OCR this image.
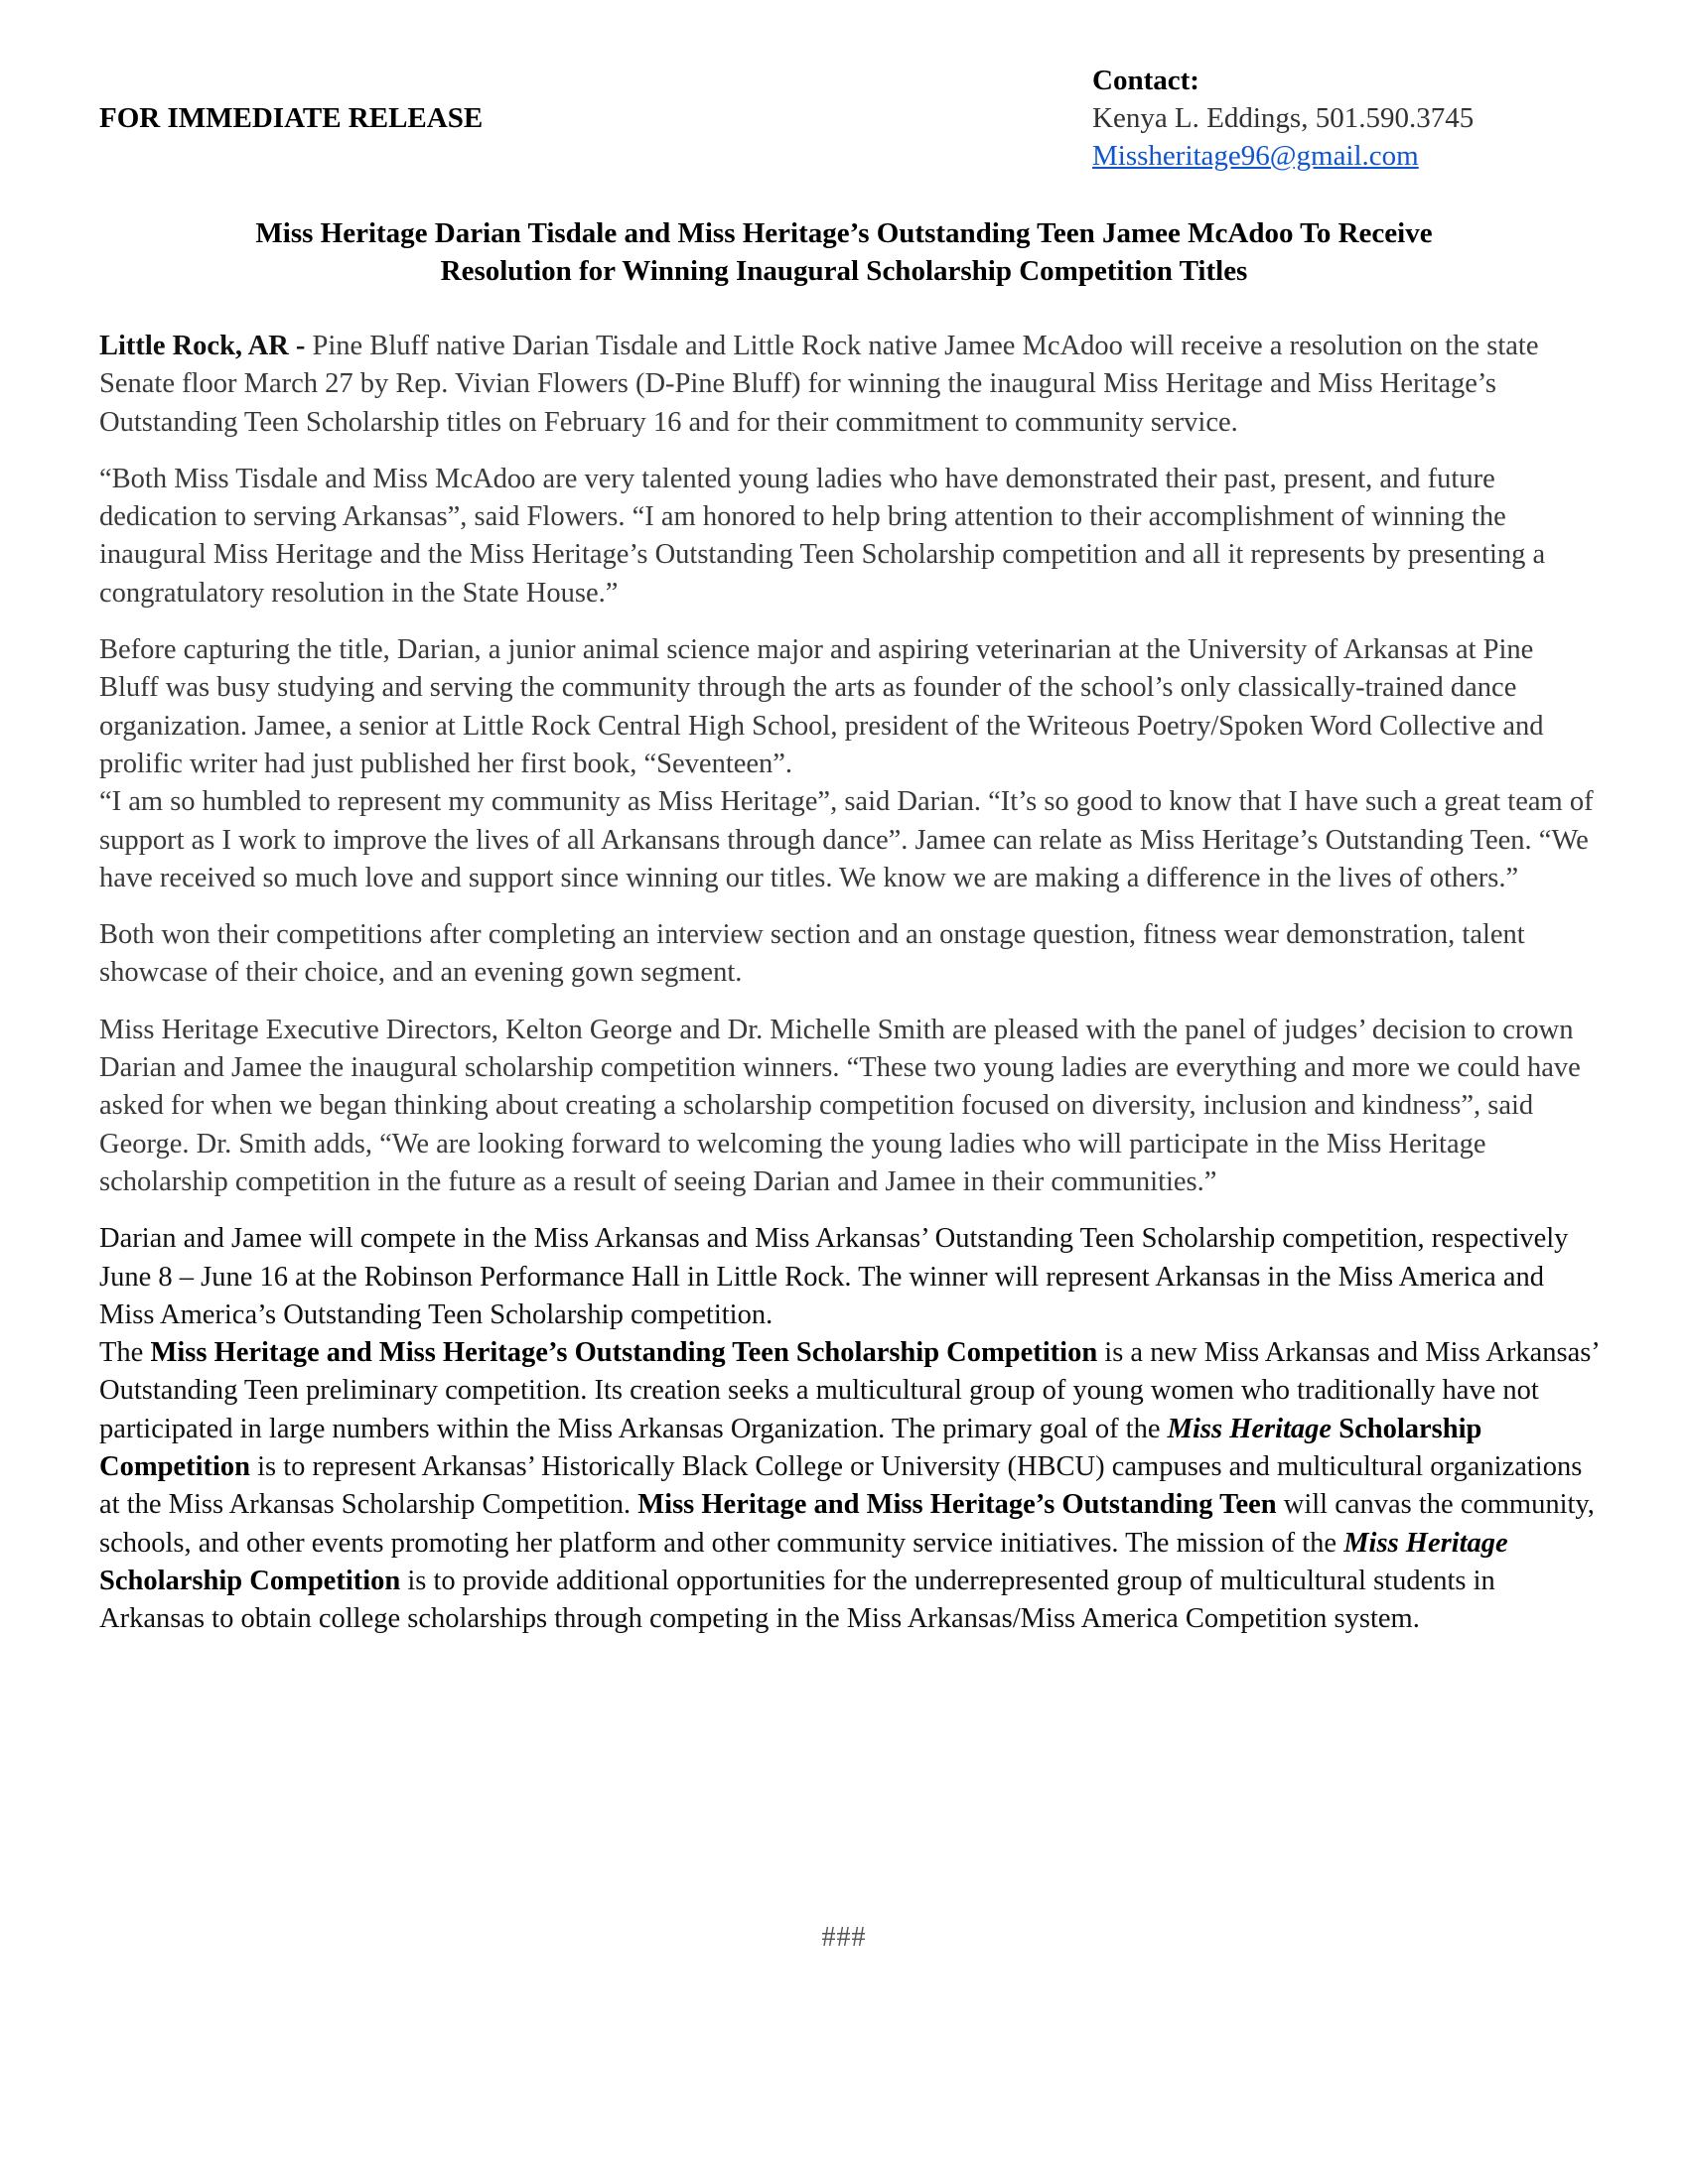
FOR IMMEDIATE RELEASE
Contact:
Kenya L. Eddings, 501.590.3745
Missheritage96@gmail.com
Miss Heritage Darian Tisdale and Miss Heritage’s Outstanding Teen Jamee McAdoo To Receive
Resolution for Winning Inaugural Scholarship Competition Titles

Little Rock, AR - Pine Bluff native Darian Tisdale and Little Rock native Jamee McAdoo will receive a resolution on the state Senate floor March 27 by Rep. Vivian Flowers (D-Pine Bluff) for winning the inaugural Miss Heritage and Miss Heritage’s Outstanding Teen Scholarship titles on February 16 and for their commitment to community service.

“Both Miss Tisdale and Miss McAdoo are very talented young ladies who have demonstrated their past, present, and future dedication to serving Arkansas”, said Flowers. “I am honored to help bring attention to their accomplishment of winning the inaugural Miss Heritage and the Miss Heritage’s Outstanding Teen Scholarship competition and all it represents by presenting a congratulatory resolution in the State House.”

Before capturing the title, Darian, a junior animal science major and aspiring veterinarian at the University of Arkansas at Pine Bluff was busy studying and serving the community through the arts as founder of the school’s only classically-trained dance organization. Jamee, a senior at Little Rock Central High School, president of the Writeous Poetry/Spoken Word Collective and prolific writer had just published her first book, “Seventeen”.

“I am so humbled to represent my community as Miss Heritage”, said Darian. “It’s so good to know that I have such a great team of support as I work to improve the lives of all Arkansans through dance”. Jamee can relate as Miss Heritage’s Outstanding Teen. “We have received so much love and support since winning our titles. We know we are making a difference in the lives of others.”

Both won their competitions after completing an interview section and an onstage question, fitness wear demonstration, talent showcase of their choice, and an evening gown segment.

Miss Heritage Executive Directors, Kelton George and Dr. Michelle Smith are pleased with the panel of judges’ decision to crown Darian and Jamee the inaugural scholarship competition winners. “These two young ladies are everything and more we could have asked for when we began thinking about creating a scholarship competition focused on diversity, inclusion and kindness”, said George. Dr. Smith adds, “We are looking forward to welcoming the young ladies who will participate in the Miss Heritage scholarship competition in the future as a result of seeing Darian and Jamee in their communities.”

Darian and Jamee will compete in the Miss Arkansas and Miss Arkansas’ Outstanding Teen Scholarship competition, respectively June 8 – June 16 at the Robinson Performance Hall in Little Rock. The winner will represent Arkansas in the Miss America and Miss America’s Outstanding Teen Scholarship competition.

The Miss Heritage and Miss Heritage’s Outstanding Teen Scholarship Competition is a new Miss Arkansas and Miss Arkansas’ Outstanding Teen preliminary competition. Its creation seeks a multicultural group of young women who traditionally have not participated in large numbers within the Miss Arkansas Organization. The primary goal of the Miss Heritage Scholarship Competition is to represent Arkansas’ Historically Black College or University (HBCU) campuses and multicultural organizations at the Miss Arkansas Scholarship Competition. Miss Heritage and Miss Heritage’s Outstanding Teen will canvas the community, schools, and other events promoting her platform and other community service initiatives. The mission of the Miss Heritage Scholarship Competition is to provide additional opportunities for the underrepresented group of multicultural students in Arkansas to obtain college scholarships through competing in the Miss Arkansas/Miss America Competition system.

###
